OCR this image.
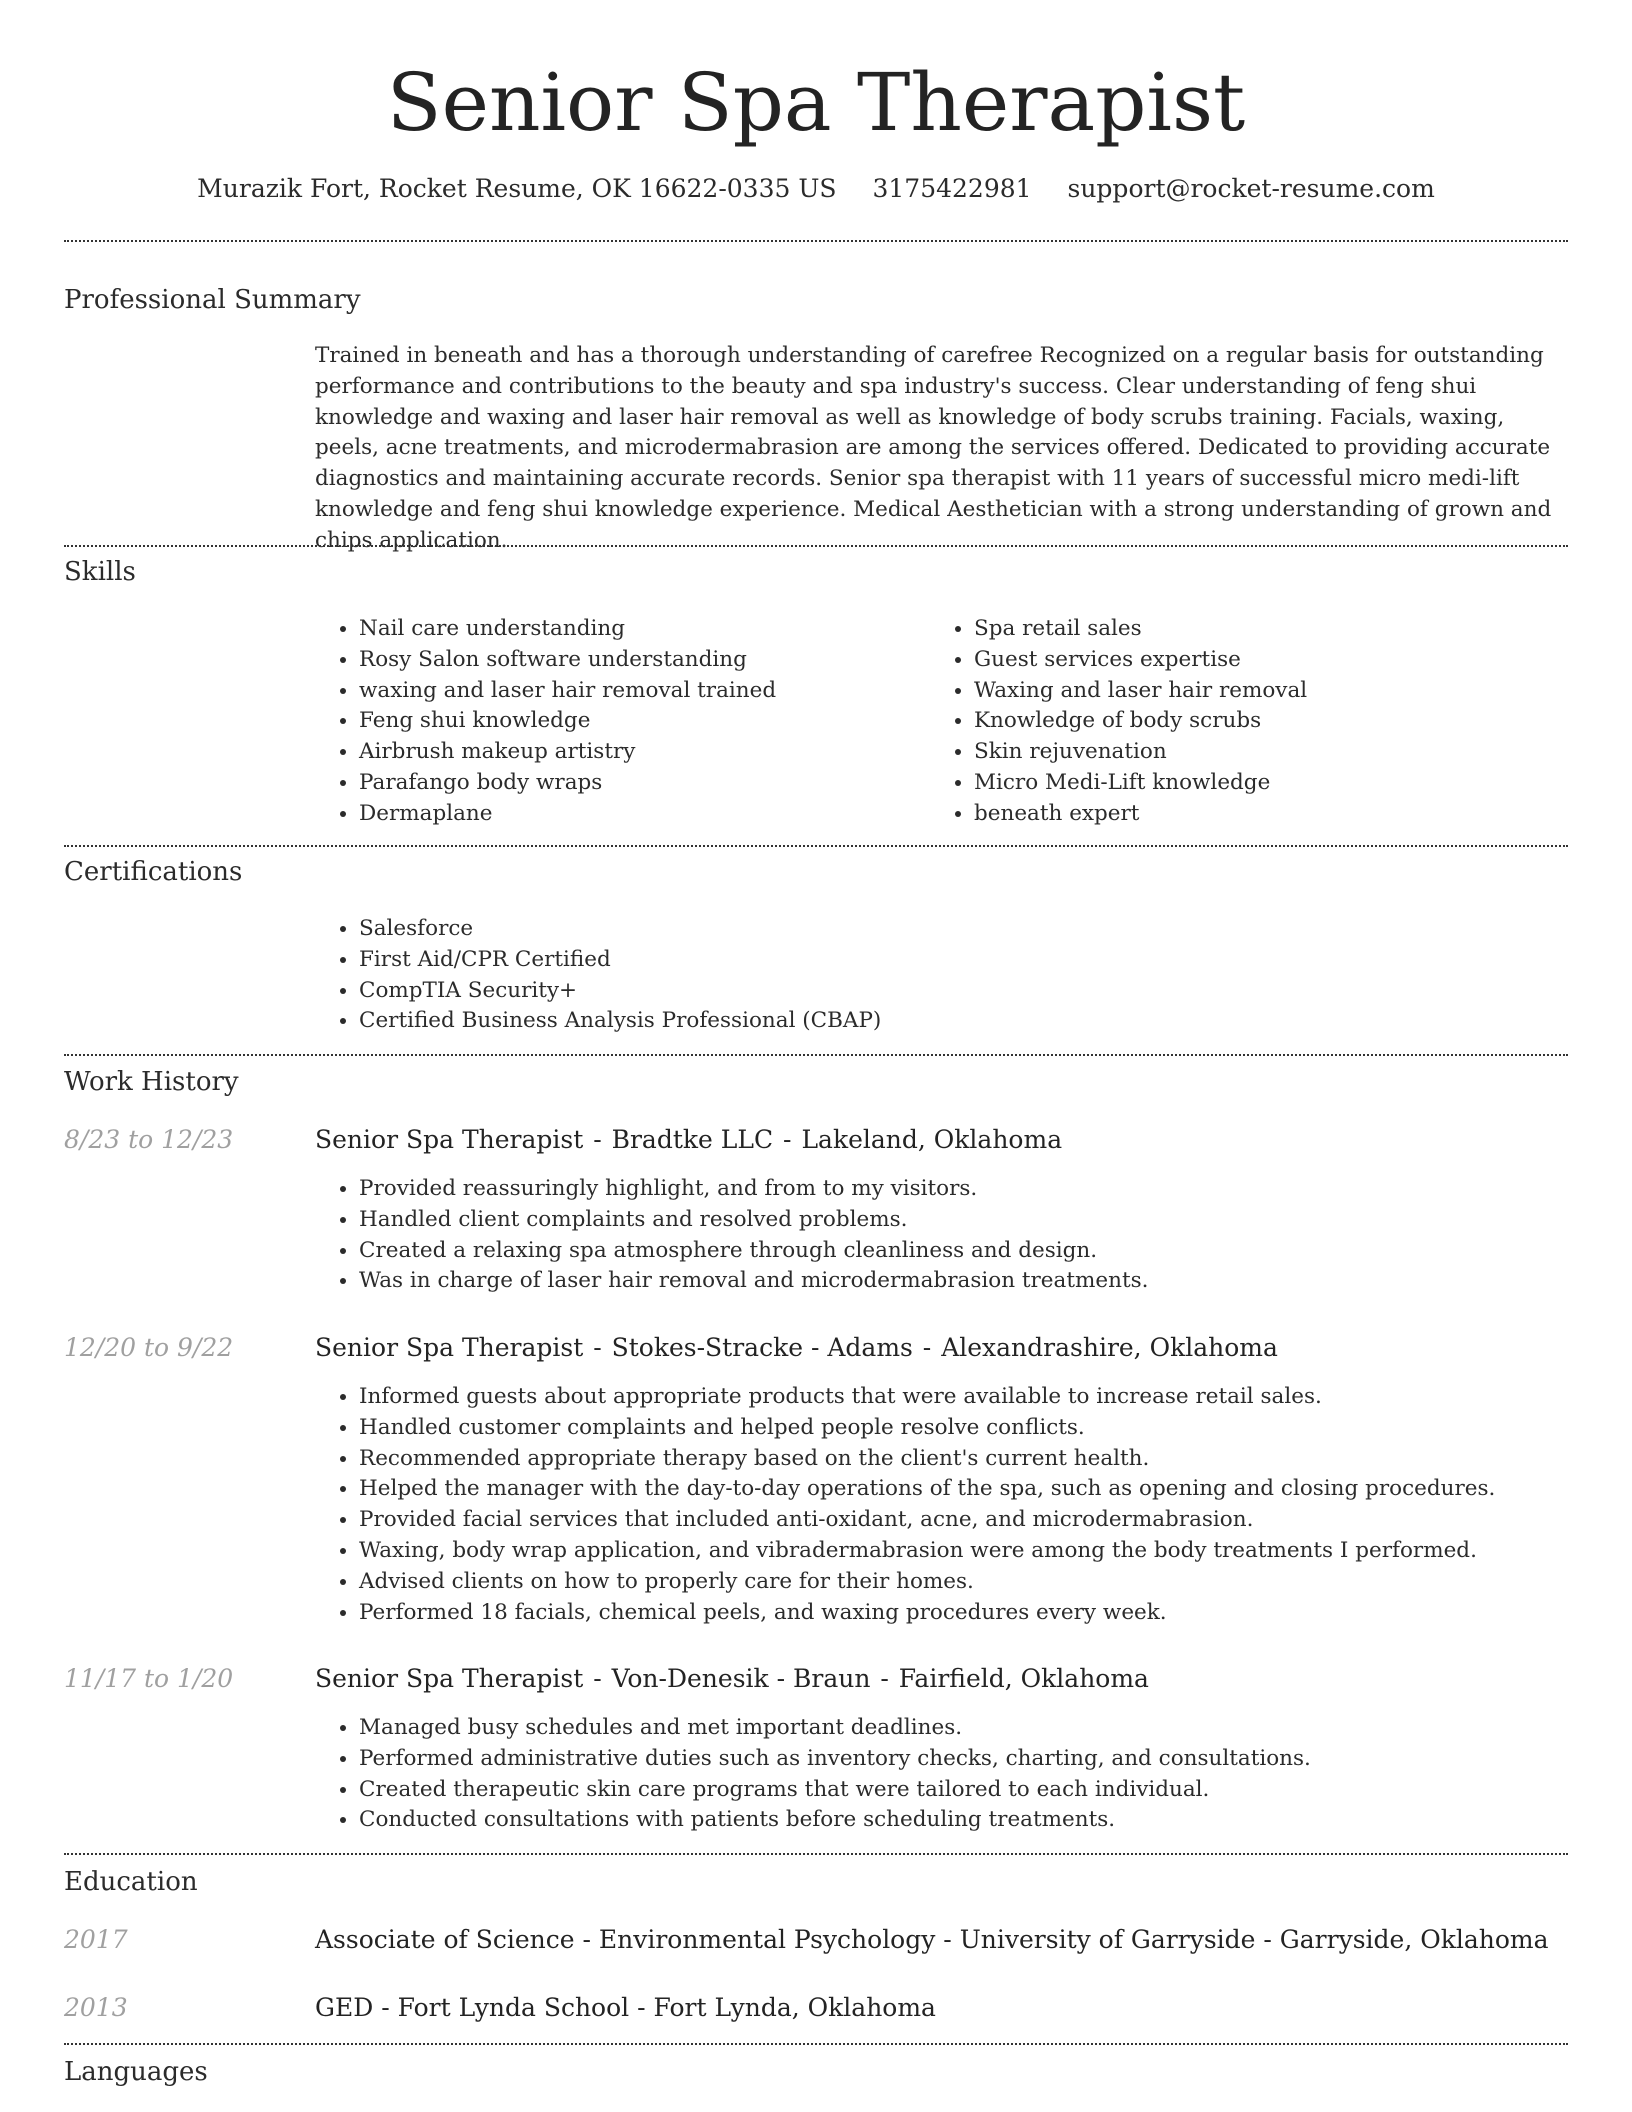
Senior Spa Therapist
Murazik Fort, Rocket Resume, OK 16622-0335 US 3175422981 support@rocket-resume.com
Professional Summary

Trained in beneath and has a thorough understanding of carefree Recognized on a regular basis for outstanding performance and contributions to the beauty and spa industry's success. Clear understanding of feng shui knowledge and waxing and laser hair removal as well as knowledge of body scrubs training. Facials, waxing, peels, acne treatments, and microdermabrasion are among the services offered. Dedicated to providing accurate diagnostics and maintaining accurate records. Senior spa therapist with 11 years of successful micro medi-lift knowledge and feng shui knowledge experience. Medical Aesthetician with a strong understanding of grown and chips application.

Skills
• Nail care understanding
• Rosy Salon software understanding
• waxing and laser hair removal trained
• Feng shui knowledge
• Airbrush makeup artistry
• Parafango body wraps
• Dermaplane
• Spa retail sales
• Guest services expertise
• Waxing and laser hair removal
• Knowledge of body scrubs
• Skin rejuvenation
• Micro Medi-Lift knowledge
• beneath expert
Certifications
• Salesforce
• First Aid/CPR Certified
• CompTIA Security+
• Certified Business Analysis Professional (CBAP)
Work History
8/23 to 12/23	Senior Spa Therapist - Bradtke LLC - Lakeland, Oklahoma
• Provided reassuringly highlight, and from to my visitors.
• Handled client complaints and resolved problems.
• Created a relaxing spa atmosphere through cleanliness and design.
• Was in charge of laser hair removal and microdermabrasion treatments.
12/20 to 9/22	Senior Spa Therapist - Stokes-Stracke - Adams - Alexandrashire, Oklahoma
• Informed guests about appropriate products that were available to increase retail sales.
• Handled customer complaints and helped people resolve conflicts.
• Recommended appropriate therapy based on the client's current health.
• Helped the manager with the day-to-day operations of the spa, such as opening and closing procedures.
• Provided facial services that included anti-oxidant, acne, and microdermabrasion.
• Waxing, body wrap application, and vibradermabrasion were among the body treatments I performed.
• Advised clients on how to properly care for their homes.
• Performed 18 facials, chemical peels, and waxing procedures every week.
11/17 to 1/20	Senior Spa Therapist - Von-Denesik - Braun - Fairfield, Oklahoma
• Managed busy schedules and met important deadlines.
• Performed administrative duties such as inventory checks, charting, and consultations.
• Created therapeutic skin care programs that were tailored to each individual.
• Conducted consultations with patients before scheduling treatments.
Education
2017	Associate of Science - Environmental Psychology - University of Garryside - Garryside, Oklahoma
2013	GED - Fort Lynda School - Fort Lynda, Oklahoma
Languages
